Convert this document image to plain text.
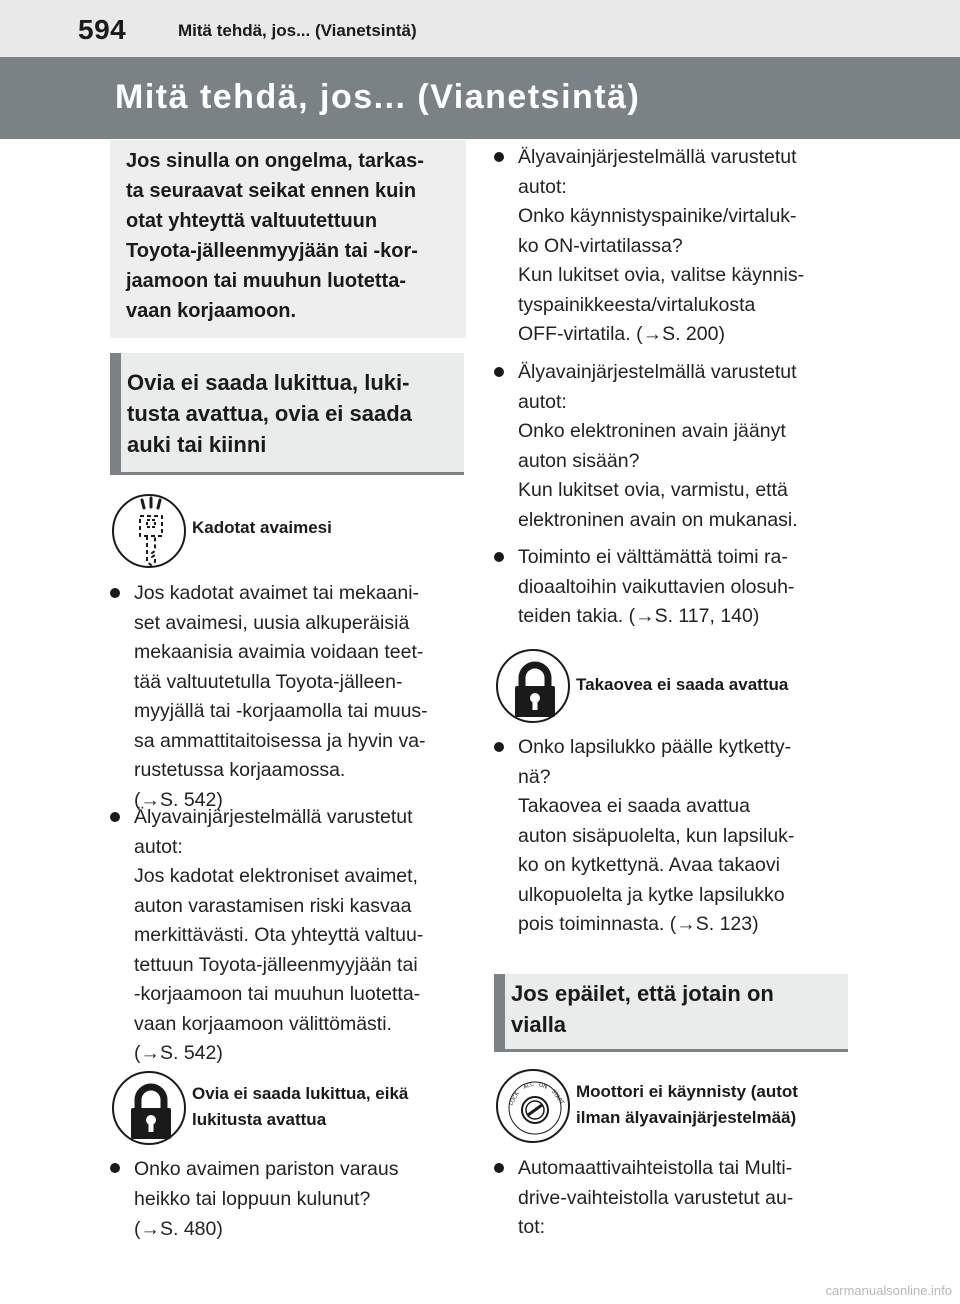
594	Mitä tehdä, jos... (Vianetsintä)
Mitä tehdä, jos... (Vianetsintä)
Jos sinulla on ongelma, tarkas-
ta seuraavat seikat ennen kuin
otat yhteyttä valtuutettuun
Toyota-jälleenmyyjään tai -kor-
jaamoon tai muuhun luotetta-
vaan korjaamoon.
Ovia ei saada lukittua, luki-
tusta avattua, ovia ei saada
auki tai kiinni
Kadotat avaimesi
Jos kadotat avaimet tai mekaani-
set avaimesi, uusia alkuperäisiä
mekaanisia avaimia voidaan teet-
tää valtuutetulla Toyota-jälleen-
myyjällä tai -korjaamolla tai muus-
sa ammattitaitoisessa ja hyvin va-
rustetussa korjaamossa.
(→S. 542)
Älyavainjärjestelmällä varustetut
autot:
Jos kadotat elektroniset avaimet,
auton varastamisen riski kasvaa
merkittävästi. Ota yhteyttä valtuu-
tettuun Toyota-jälleenmyyjään tai
-korjaamoon tai muuhun luotetta-
vaan korjaamoon välittömästi.
(→S. 542)
Ovia ei saada lukittua, eikä
lukitusta avattua
Onko avaimen pariston varaus
heikko tai loppuun kulunut?
(→S. 480)
Älyavainjärjestelmällä varustetut
autot:
Onko käynnistyspainike/virtaluk-
ko ON-virtatilassa?
Kun lukitset ovia, valitse käynnis-
tyspainikkeesta/virtalukosta
OFF-virtatila. (→S. 200)
Älyavainjärjestelmällä varustetut
autot:
Onko elektroninen avain jäänyt
auton sisään?
Kun lukitset ovia, varmistu, että
elektroninen avain on mukanasi.
Toiminto ei välttämättä toimi ra-
dioaaltoihin vaikuttavien olosuh-
teiden takia. (→S. 117, 140)
Takaovea ei saada avattua
Onko lapsilukko päälle kytketty-
nä?
Takaovea ei saada avattua
auton sisäpuolelta, kun lapsiluk-
ko on kytkettynä. Avaa takaovi
ulkopuolelta ja kytke lapsilukko
pois toiminnasta. (→S. 123)
Jos epäilet, että jotain on
vialla
LOCK
ACC ON
START Moottori ei käynnisty (autot
ilman älyavainjärjestelmää)
Automaattivaihteistolla tai Multi-
drive-vaihteistolla varustetut au-
tot:
carmanualsonline.info
